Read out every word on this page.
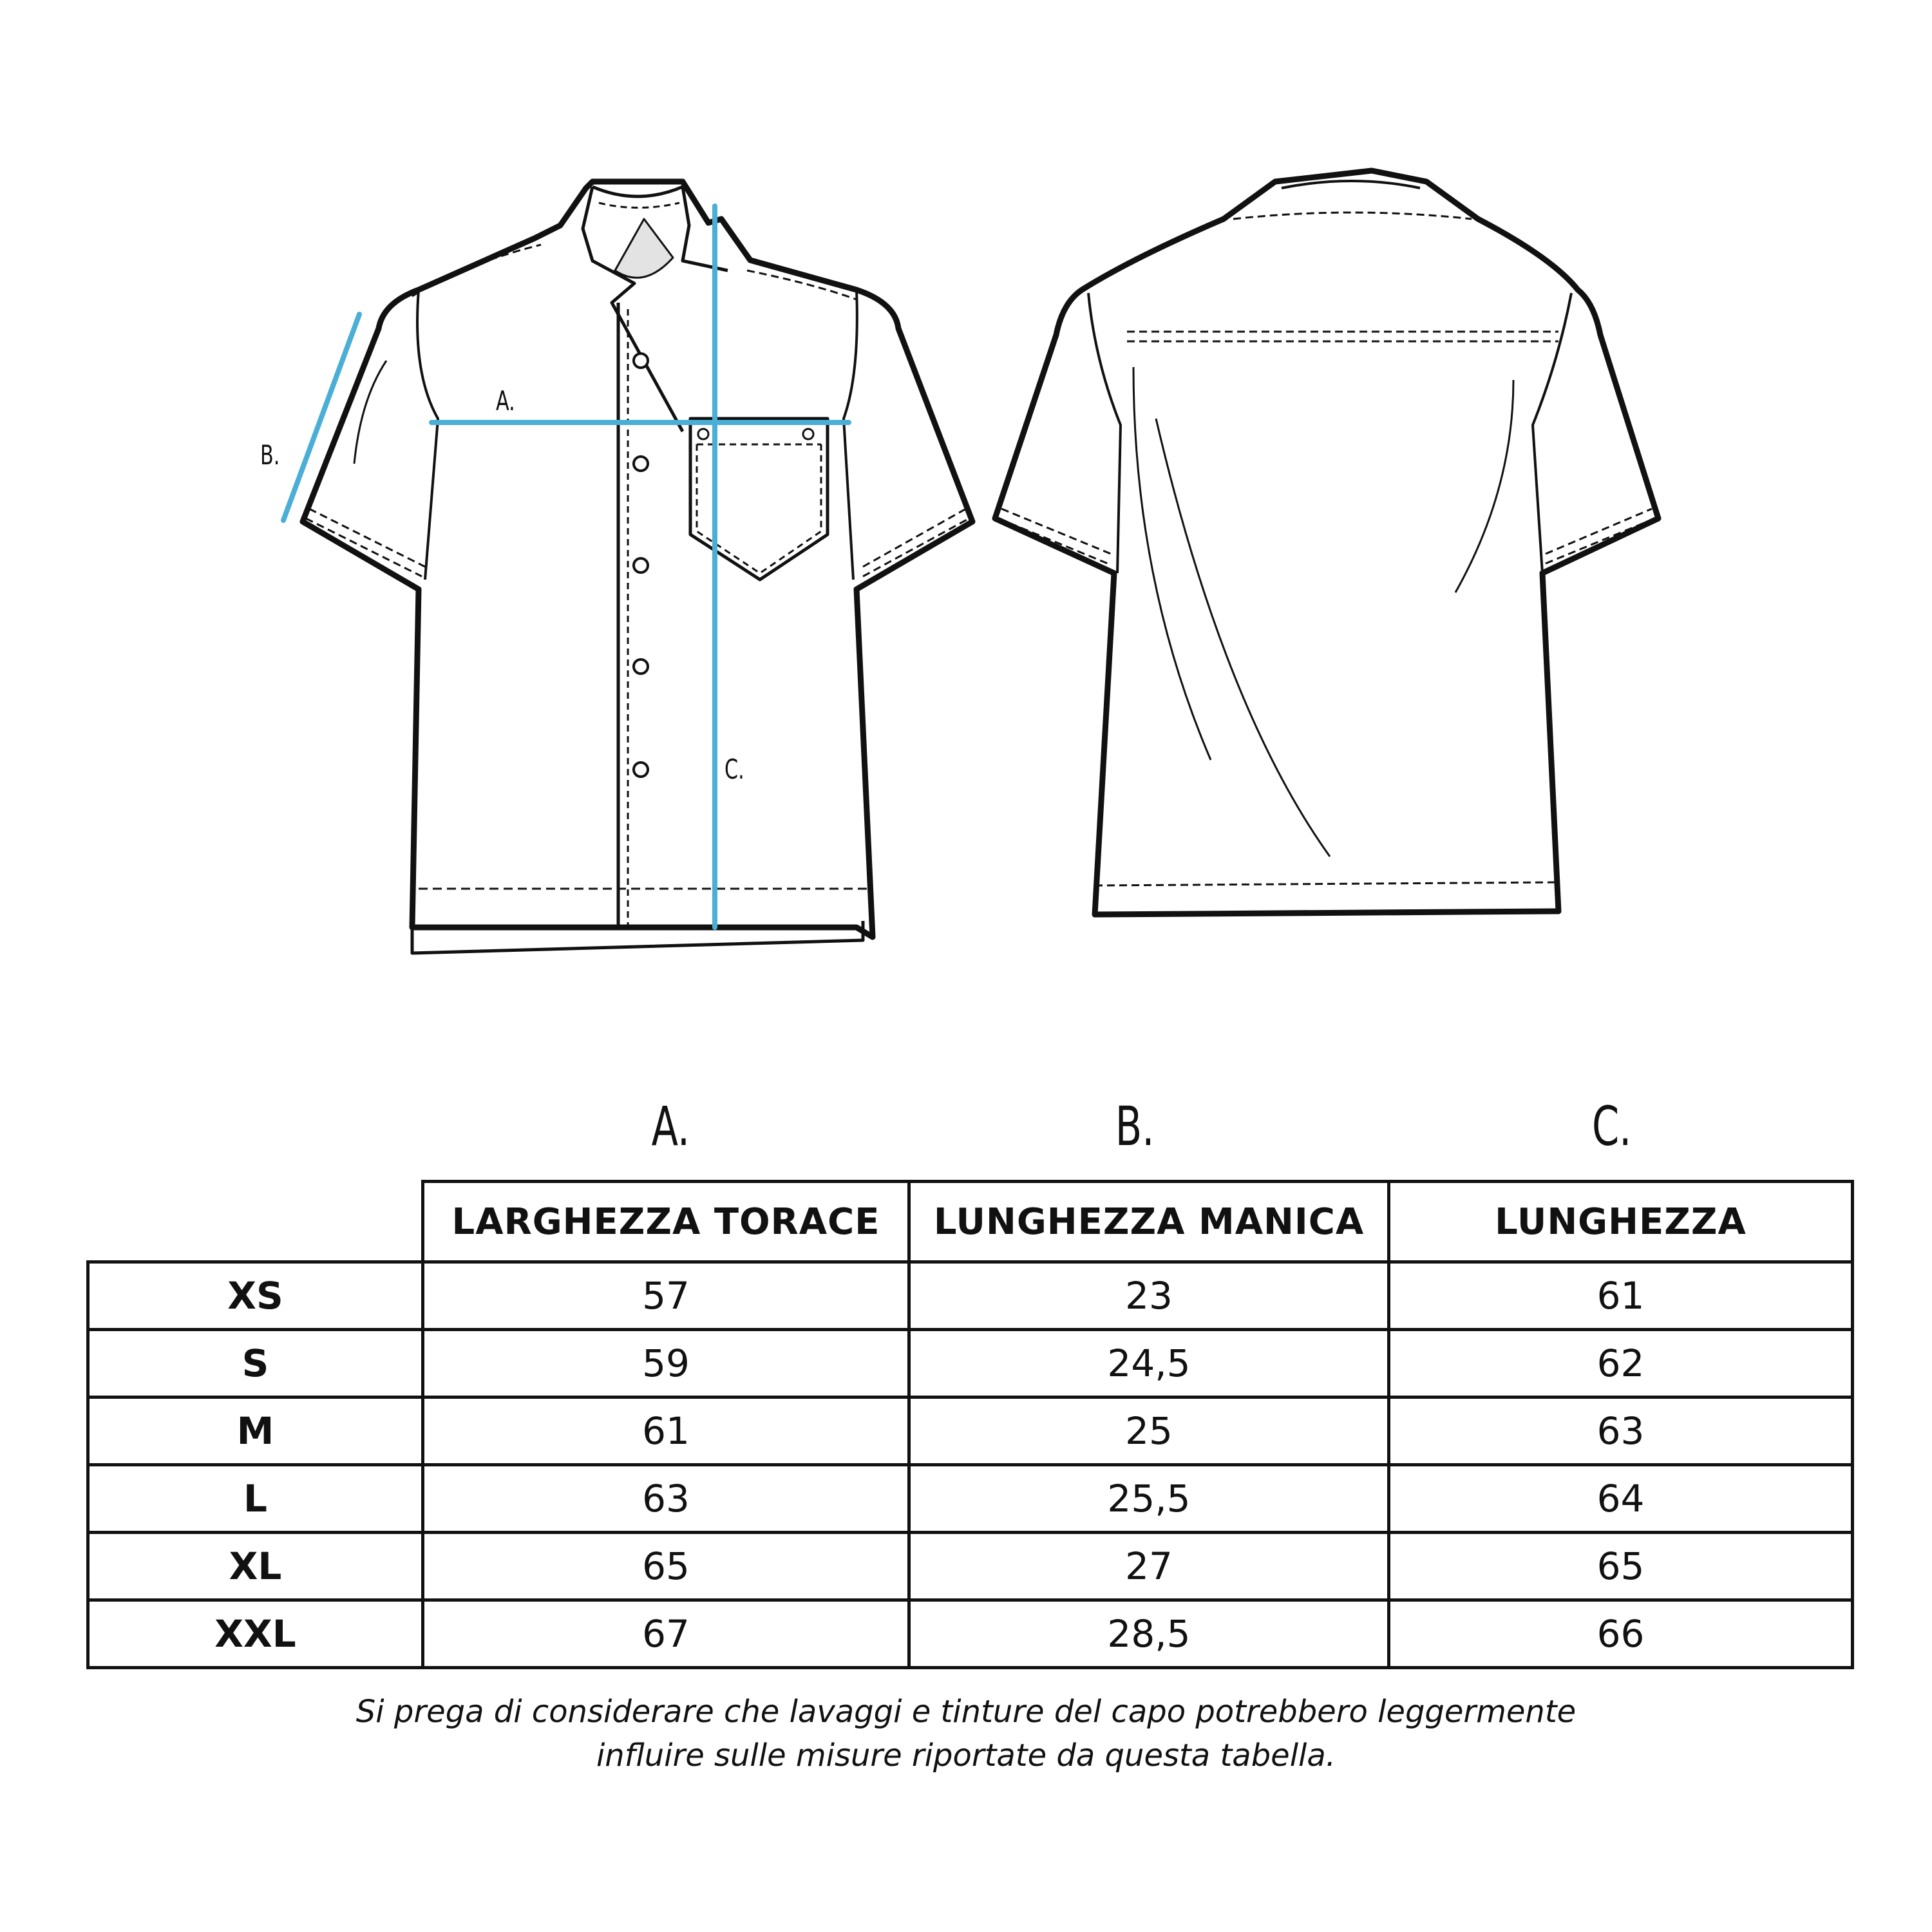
A.
B.
C.
A.	B.	C.
	LARGHEZZA TORACE	LUNGHEZZA MANICA	LUNGHEZZA
XS	57	23	61
S	59	24,5	62
M	61	25	63
L	63	25,5	64
XL	65	27	65
XXL	67	28,5	66
Si prega di considerare che lavaggi e tinture del capo potrebbero leggermente
influire sulle misure riportate da questa tabella.
